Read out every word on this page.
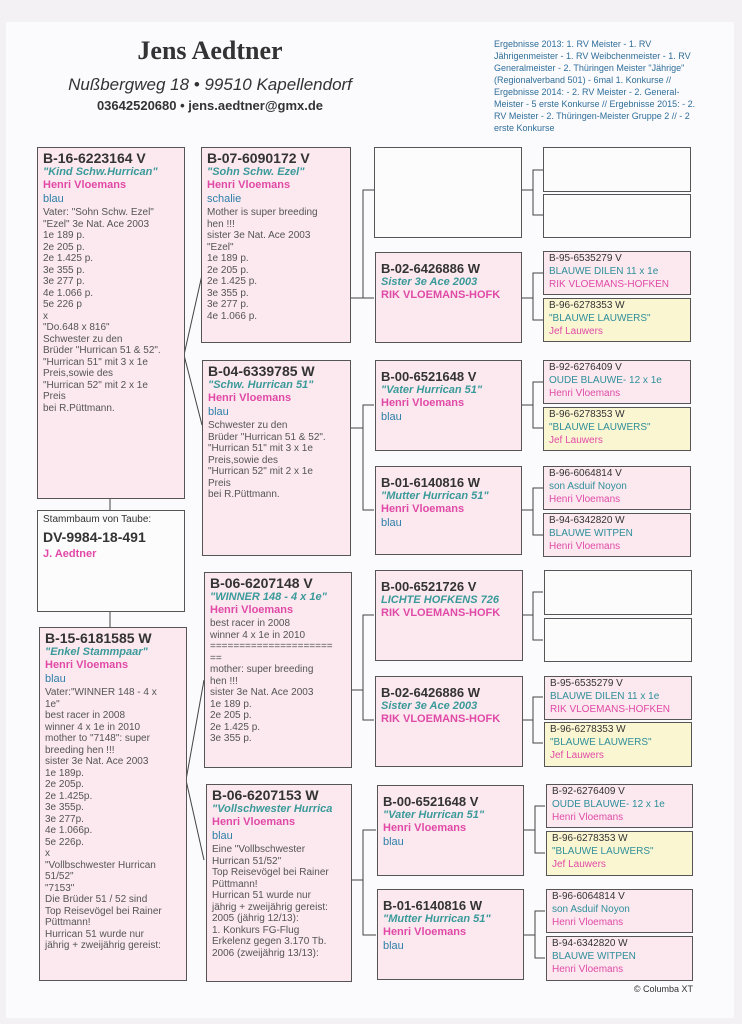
Jens Aedtner
Nußbergweg 18 • 99510 Kapellendorf
03642520680 • jens.aedtner@gmx.de
Ergebnisse 2013: 1. RV Meister - 1. RV Jährigenmeister - 1. RV Weibchenmeister - 1. RV Generalmeister - 2. Thüringen Meister "Jährige" (Regionalverband 501) - 6mal 1. Konkurse // Ergebnisse 2014: - 2. RV Meister - 2. General-Meister - 5 erste Konkurse // Ergebnisse 2015: - 2. RV Meister - 2. Thüringen-Meister Gruppe 2 // - 2 erste Konkurse
B-16-6223164 V
"Kind Schw.Hurrican"
Henri Vloemans
blau
Vater: "Sohn Schw. Ezel"
"Ezel" 3e Nat. Ace 2003
1e 189 p.
2e 205 p.
2e 1.425 p.
3e 355 p.
3e 277 p.
4e 1.066 p.
5e 226 p
x
"Do.648 x 816"
Schwester zu den
Brüder "Hurrican 51 & 52".
"Hurrican 51" mit 3 x 1e
Preis,sowie des
"Hurrican 52" mit 2 x 1e
Preis
bei R.Püttmann.
Stammbaum von Taube:
DV-9984-18-491
J. Aedtner
B-15-6181585 W
"Enkel Stammpaar"
Henri Vloemans
blau
Vater:"WINNER 148 - 4 x
1e"
best racer in 2008
winner 4 x 1e in 2010
mother to "7148": super
breeding hen !!!
sister 3e Nat. Ace 2003
1e 189p.
2e 205p.
2e 1.425p.
3e 355p.
3e 277p.
4e 1.066p.
5e 226p.
x
"Vollbschwester Hurrican
51/52"
"7153"
Die Brüder 51 / 52 sind
Top Reisevögel bei Rainer
Püttmann!
Hurrican 51 wurde nur
jährig + zweijährig gereist:
B-07-6090172 V
"Sohn Schw. Ezel"
Henri Vloemans
schalie
Mother is super breeding
hen !!!
sister 3e Nat. Ace 2003
"Ezel"
1e 189 p.
2e 205 p.
2e 1.425 p.
3e 355 p.
3e 277 p.
4e 1.066 p.
B-04-6339785 W
"Schw. Hurrican 51"
Henri Vloemans
blau
Schwester zu den
Brüder "Hurrican 51 & 52".
"Hurrican 51" mit 3 x 1e
Preis,sowie des
"Hurrican 52" mit 2 x 1e
Preis
bei R.Püttmann.
B-06-6207148 V
"WINNER 148 - 4 x 1e"
Henri Vloemans
best racer in 2008
winner 4 x 1e in 2010
=====================
==
mother: super breeding
hen !!!
sister 3e Nat. Ace 2003
1e 189 p.
2e 205 p.
2e 1.425 p.
3e 355 p.
B-06-6207153 W
"Vollschwester Hurrica
Henri Vloemans
blau
Eine "Vollbschwester
Hurrican 51/52"
Top Reisevögel bei Rainer
Püttmann!
Hurrican 51 wurde nur
jährig + zweijährig gereist:
2005 (jährig 12/13):
1. Konkurs FG-Flug
Erkelenz gegen 3.170 Tb.
2006 (zweijährig 13/13):
B-02-6426886 W
Sister 3e Ace 2003
RIK VLOEMANS-HOFK
B-00-6521648 V
"Vater Hurrican 51"
Henri Vloemans
blau
B-01-6140816 W
"Mutter Hurrican 51"
Henri Vloemans
blau
B-00-6521726 V
LICHTE HOFKENS 726
RIK VLOEMANS-HOFK
B-02-6426886 W
Sister 3e Ace 2003
RIK VLOEMANS-HOFK
B-00-6521648 V
"Vater Hurrican 51"
Henri Vloemans
blau
B-01-6140816 W
"Mutter Hurrican 51"
Henri Vloemans
blau
B-95-6535279 V
BLAUWE DILEN 11 x 1e
RIK VLOEMANS-HOFKEN
B-96-6278353 W
"BLAUWE LAUWERS"
Jef Lauwers
B-92-6276409 V
OUDE BLAUWE- 12 x 1e
Henri Vloemans
B-96-6278353 W
"BLAUWE LAUWERS"
Jef Lauwers
B-96-6064814 V
son Asduif Noyon
Henri Vloemans
B-94-6342820 W
BLAUWE WITPEN
Henri Vloemans
B-95-6535279 V
BLAUWE DILEN 11 x 1e
RIK VLOEMANS-HOFKEN
B-96-6278353 W
"BLAUWE LAUWERS"
Jef Lauwers
B-92-6276409 V
OUDE BLAUWE- 12 x 1e
Henri Vloemans
B-96-6278353 W
"BLAUWE LAUWERS"
Jef Lauwers
B-96-6064814 V
son Asduif Noyon
Henri Vloemans
B-94-6342820 W
BLAUWE WITPEN
Henri Vloemans
© Columba XT
